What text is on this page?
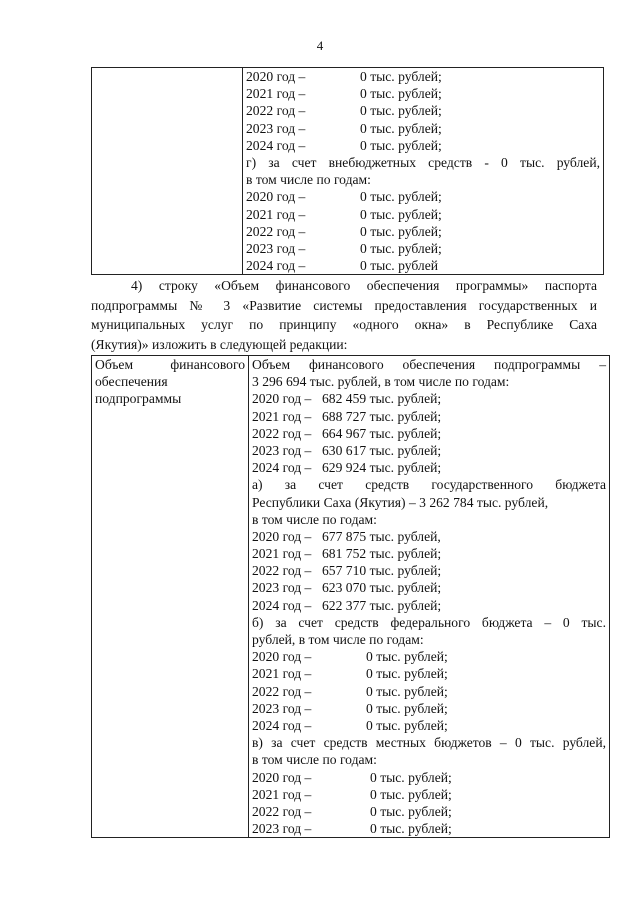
4

2020 год –	0 тыс. рублей;
2021 год –	0 тыс. рублей;
2022 год –	0 тыс. рублей;
2023 год –	0 тыс. рублей;
2024 год –	0 тыс. рублей;
г) за счет внебюджетных средств - 0 тыс. рублей,
в том числе по годам:
2020 год –	0 тыс. рублей;
2021 год –	0 тыс. рублей;
2022 год –	0 тыс. рублей;
2023 год –	0 тыс. рублей;
2024 год –	0 тыс. рублей
4) строку «Объем финансового обеспечения программы» паспорта
подпрограммы № 3 «Развитие системы предоставления государственных и
муниципальных услуг по принципу «одного окна» в Республике Саха
(Якутия)» изложить в следующей редакции:
Объем финансового
обеспечения
подпрограммы

Объем финансового обеспечения подпрограммы –
3 296 694 тыс. рублей, в том числе по годам:
2020 год – 682 459 тыс. рублей;
2021 год – 688 727 тыс. рублей;
2022 год – 664 967 тыс. рублей;
2023 год – 630 617 тыс. рублей;
2024 год – 629 924 тыс. рублей;
а) за счет средств государственного бюджета
Республики Саха (Якутия) – 3 262 784 тыс. рублей,
в том числе по годам:
2020 год – 677 875 тыс. рублей,
2021 год – 681 752 тыс. рублей;
2022 год – 657 710 тыс. рублей;
2023 год – 623 070 тыс. рублей;
2024 год – 622 377 тыс. рублей;
б) за счет средств федерального бюджета – 0 тыс.
рублей, в том числе по годам:
2020 год –	0 тыс. рублей;
2021 год –	0 тыс. рублей;
2022 год –	0 тыс. рублей;
2023 год –	0 тыс. рублей;
2024 год –	0 тыс. рублей;
в) за счет средств местных бюджетов – 0 тыс. рублей,
в том числе по годам:
2020 год –	0 тыс. рублей;
2021 год –	0 тыс. рублей;
2022 год –	0 тыс. рублей;
2023 год –	0 тыс. рублей;
